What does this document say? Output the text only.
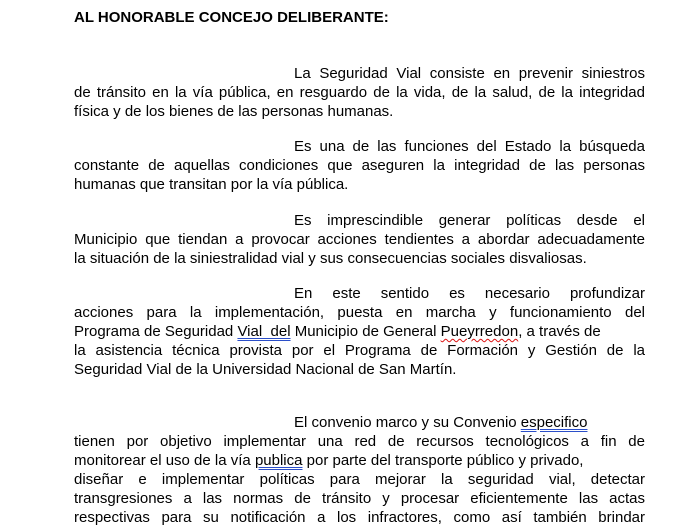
AL HONORABLE CONCEJO DELIBERANTE:
La Seguridad Vial consiste en prevenir siniestros
de tránsito en la vía pública, en resguardo de la vida, de la salud, de la integridad
física y de los bienes de las personas humanas.
Es una de las funciones del Estado la búsqueda
constante de aquellas condiciones que aseguren la integridad de las personas
humanas que transitan por la vía pública.
Es imprescindible generar políticas desde el
Municipio que tiendan a provocar acciones tendientes a abordar adecuadamente
la situación de la siniestralidad vial y sus consecuencias sociales disvaliosas.
En este sentido es necesario profundizar
acciones para la implementación, puesta en marcha y funcionamiento del
Programa de Seguridad Vial  del Municipio de General Pueyrredon, a través de
la asistencia técnica provista por el Programa de Formación y Gestión de la
Seguridad Vial de la Universidad Nacional de San Martín.
El convenio marco y su Convenio especifico
tienen por objetivo implementar una red de recursos tecnológicos a fin de
monitorear el uso de la vía publica por parte del transporte público y privado,
diseñar e implementar políticas para mejorar la seguridad vial, detectar
transgresiones a las normas de tránsito y procesar eficientemente las actas
respectivas para su notificación a los infractores, como así también brindar
